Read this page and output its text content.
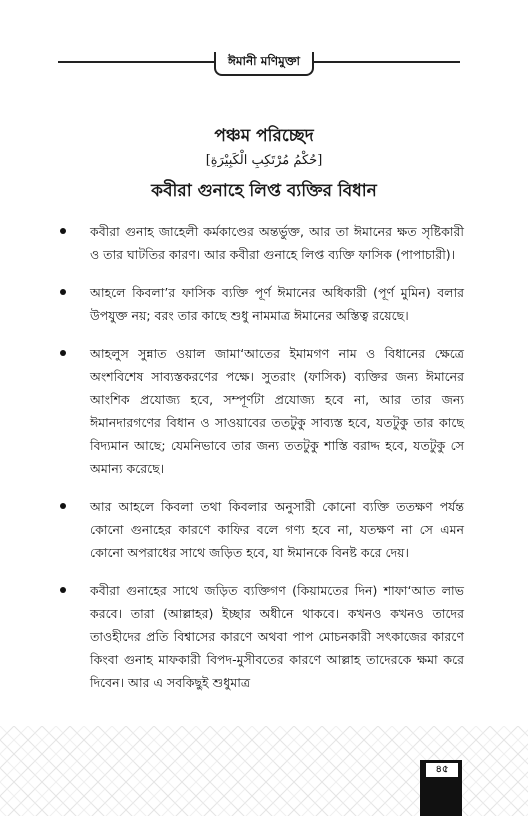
ঈমানী মণিমুক্তা
পঞ্চম পরিচ্ছেদ
[حُكْمُ مُرْتَكِبِ الْكَبِيْرَةِ]
কবীরা গুনাহে লিপ্ত ব্যক্তির বিধান
কবীরা গুনাহ জাহেলী কর্মকাণ্ডের অন্তর্ভুক্ত, আর তা ঈমানের ক্ষত সৃষ্টিকারী ও তার ঘাটতির কারণ। আর কবীরা গুনাহে লিপ্ত ব্যক্তি ফাসিক (পাপাচারী)।
আহলে কিবলা’র ফাসিক ব্যক্তি পূর্ণ ঈমানের অধিকারী (পূর্ণ মুমিন) বলার উপযুক্ত নয়; বরং তার কাছে শুধু নামমাত্র ঈমানের অস্তিত্ব রয়েছে।
আহলুস সুন্নাত ওয়াল জামা‘আতের ইমামগণ নাম ও বিধানের ক্ষেত্রে অংশবিশেষ সাব্যস্তকরণের পক্ষে। সুতরাং (ফাসিক) ব্যক্তির জন্য ঈমানের আংশিক প্রযোজ্য হবে, সম্পূর্ণটা প্রযোজ্য হবে না, আর তার জন্য ঈমানদারগণের বিধান ও সাওয়াবের ততটুকু সাব্যস্ত হবে, যতটুকু তার কাছে বিদ্যমান আছে; যেমনিভাবে তার জন্য ততটুকু শাস্তি বরাদ্দ হবে, যতটুকু সে অমান্য করেছে।
আর আহলে কিবলা তথা কিবলার অনুসারী কোনো ব্যক্তি ততক্ষণ পর্যন্ত কোনো গুনাহের কারণে কাফির বলে গণ্য হবে না, যতক্ষণ না সে এমন কোনো অপরাধের সাথে জড়িত হবে, যা ঈমানকে বিনষ্ট করে দেয়।
কবীরা গুনাহের সাথে জড়িত ব্যক্তিগণ (কিয়ামতের দিন) শাফা‘আত লাভ করবে। তারা (আল্লাহর) ইচ্ছার অধীনে থাকবে। কখনও কখনও তাদের তাওহীদের প্রতি বিশ্বাসের কারণে অথবা পাপ মোচনকারী সৎকাজের কারণে কিংবা গুনাহ মাফকারী বিপদ-মুসীবতের কারণে আল্লাহ তাদেরকে ক্ষমা করে দিবেন। আর এ সবকিছুই শুধুমাত্র
৪৫
